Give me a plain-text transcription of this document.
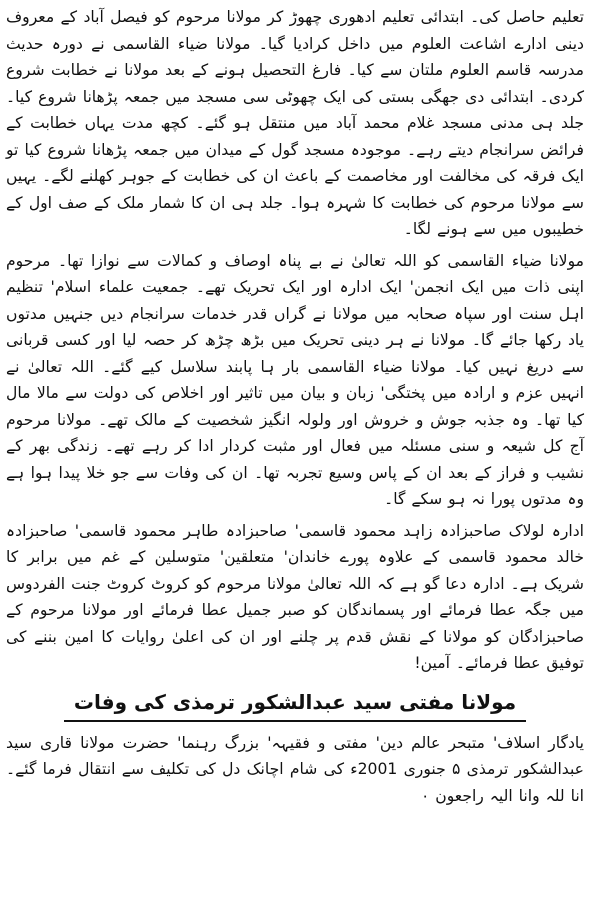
تعلیم حاصل کی۔ ابتدائی تعلیم ادھوری چھوڑ کر مولانا مرحوم کو فیصل آباد کے معروف دینی ادارے اشاعت العلوم میں داخل کرادیا گیا۔ مولانا ضیاء القاسمی نے دورہ حدیث مدرسہ قاسم العلوم ملتان سے کیا۔ فارغ التحصیل ہونے کے بعد مولانا نے خطابت شروع کردی۔ ابتدائی دی جھگی بستی کی ایک چھوٹی سی مسجد میں جمعہ پڑھانا شروع کیا۔ جلد ہی مدنی مسجد غلام محمد آباد میں منتقل ہو گئے۔ کچھ مدت یہاں خطابت کے فرائض سرانجام دیتے رہے۔ موجودہ مسجد گول کے میدان میں جمعہ پڑھانا شروع کیا تو ایک فرقہ کی مخالفت اور مخاصمت کے باعث ان کی خطابت کے جوہر کھلنے لگے۔ یہیں سے مولانا مرحوم کی خطابت کا شہرہ ہوا۔ جلد ہی ان کا شمار ملک کے صف اول کے خطیبوں میں سے ہونے لگا۔

مولانا ضیاء القاسمی کو اللہ تعالیٰ نے بے پناہ اوصاف و کمالات سے نوازا تھا۔ مرحوم اپنی ذات میں ایک انجمن' ایک ادارہ اور ایک تحریک تھے۔ جمعیت علماء اسلام' تنظیم اہل سنت اور سپاہ صحابہ میں مولانا نے گراں قدر خدمات سرانجام دیں جنہیں مدتوں یاد رکھا جائے گا۔ مولانا نے ہر دینی تحریک میں بڑھ چڑھ کر حصہ لیا اور کسی قربانی سے دریغ نہیں کیا۔ مولانا ضیاء القاسمی بار ہا پابند سلاسل کیے گئے۔ اللہ تعالیٰ نے انہیں عزم و ارادہ میں پختگی' زبان و بیان میں تاثیر اور اخلاص کی دولت سے مالا مال کیا تھا۔ وہ جذبہ جوش و خروش اور ولولہ انگیز شخصیت کے مالک تھے۔ مولانا مرحوم آج کل شیعہ و سنی مسئلہ میں فعال اور مثبت کردار ادا کر رہے تھے۔ زندگی بھر کے نشیب و فراز کے بعد ان کے پاس وسیع تجربہ تھا۔ ان کی وفات سے جو خلا پیدا ہوا ہے وہ مدتوں پورا نہ ہو سکے گا۔

ادارہ لولاک صاحبزادہ زاہد محمود قاسمی' صاحبزادہ طاہر محمود قاسمی' صاحبزادہ خالد محمود قاسمی کے علاوہ پورے خاندان' متعلقین' متوسلین کے غم میں برابر کا شریک ہے۔ ادارہ دعا گو ہے کہ اللہ تعالیٰ مولانا مرحوم کو کروٹ کروٹ جنت الفردوس میں جگہ عطا فرمائے اور پسماندگان کو صبر جمیل عطا فرمائے اور مولانا مرحوم کے صاحبزادگان کو مولانا کے نقش قدم پر چلنے اور ان کی اعلیٰ روایات کا امین بننے کی توفیق عطا فرمائے۔ آمین!

مولانا مفتی سید عبدالشکور ترمذی کی وفات

یادگار اسلاف' متبحر عالم دین' مفتی و فقیہہ' بزرگ رہنما' حضرت مولانا قاری سید عبدالشکور ترمذی ۵ جنوری 2001ء کی شام اچانک دل کی تکلیف سے انتقال فرما گئے۔ انا للہ وانا الیہ راجعون ۰
